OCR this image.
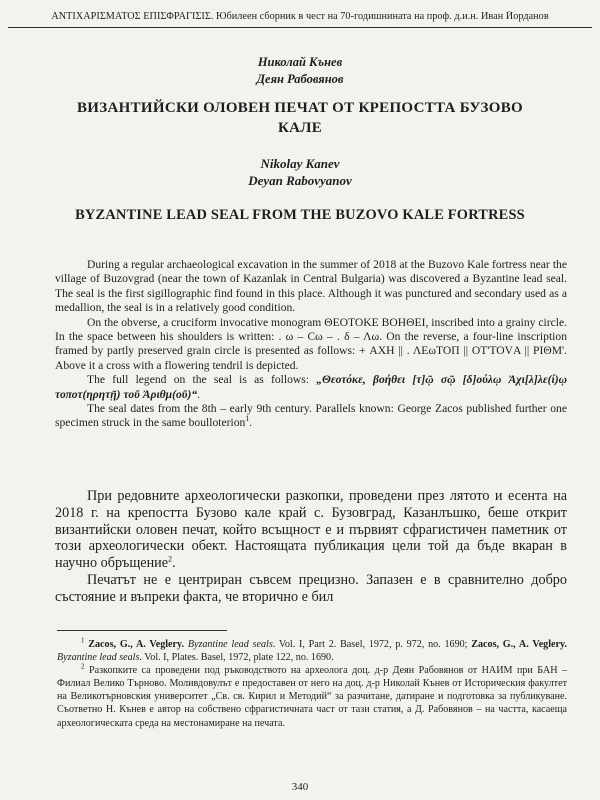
ΑΝΤΙΧΑΡΙΣΜΑΤΟΣ ΕΠΙΣΦΡΑΓΙΣΙΣ. Юбилеен сборник в чест на 70-годишнината на проф. д.и.н. Иван Йорданов
Николай Кънев
Деян Рабовянов
ВИЗАНТИЙСКИ ОЛОВЕН ПЕЧАТ ОТ КРЕПОСТТА БУЗОВО
КАЛЕ
Nikolay Kanev
Deyan Rabovyanov
BYZANTINE LEAD SEAL FROM THE BUZOVO KALE FORTRESS

During a regular archaeological excavation in the summer of 2018 at the Buzovo Kale fortress near the village of Buzovgrad (near the town of Kazanlak in Central Bulgaria) was discovered a Byzantine lead seal. The seal is the first sigillographic find found in this place. Although it was punctured and secondary used as a medallion, the seal is in a relatively good condition.

On the obverse, a cruciform invocative monogram ΘΕΟΤΟΚΕ ΒΟΗΘΕΙ, inscribed into a grainy circle. In the space between his shoulders is written: . ω – Cω – . δ – Λω. On the reverse, a four-line inscription framed by partly preserved grain circle is presented as follows: + ΑΧΗ || . ΛΕωΤΟΠ || ΟΤ'ΤΟVΑ || ΡΙΘΜ'. Above it a cross with a flowering tendril is depicted.

The full legend on the seal is as follows: „Θεοτόκε, βοήθει [τ]ῷ σῷ [δ]ούλῳ Ἀχι[λ]λε(ί)ῳ τοποτ(ηρητῇ) τοῦ Ἀριθμ(οῦ)“.

The seal dates from the 8th – early 9th century. Parallels known: George Zacos published further one specimen struck in the same boulloterion$^1$.

При редовните археологически разкопки, проведени през лятото и есента на 2018 г. на крепостта Бузово кале край с. Бузовград, Казанлъшко, беше открит византийски оловен печат, който всъщност е и първият сфрагистичен паметник от този археологически обект. Настоящата публикация цели той да бъде вкаран в научно обръщение$^2$.

Печатът не е центриран съвсем прецизно. Запазен е в сравнително добро състояние и въпреки факта, че вторично е бил

$^1$ Zacos, G., A. Veglery. Byzantine lead seals. Vol. I, Part 2. Basel, 1972, p. 972, no. 1690; Zacos, G., A. Veglery. Byzantine lead seals. Vol. I, Plates. Basel, 1972, plate 122, no. 1690.

$^2$ Разкопките са проведени под ръководството на археолога доц. д-р Деян Рабовянов от НАИМ при БАН – Филиал Велико Търново. Моливдовулът е предоставен от него на доц. д-р Николай Кънев от Историческия факултет на Великотърновския университет „Св. св. Кирил и Методий“ за разчитане, датиране и подготовка за публикуване. Съответно Н. Кънев е автор на собствено сфрагистичната част от тази статия, а Д. Рабовянов – на частта, касаеща археологическата среда на местонамиране на печата.

340
